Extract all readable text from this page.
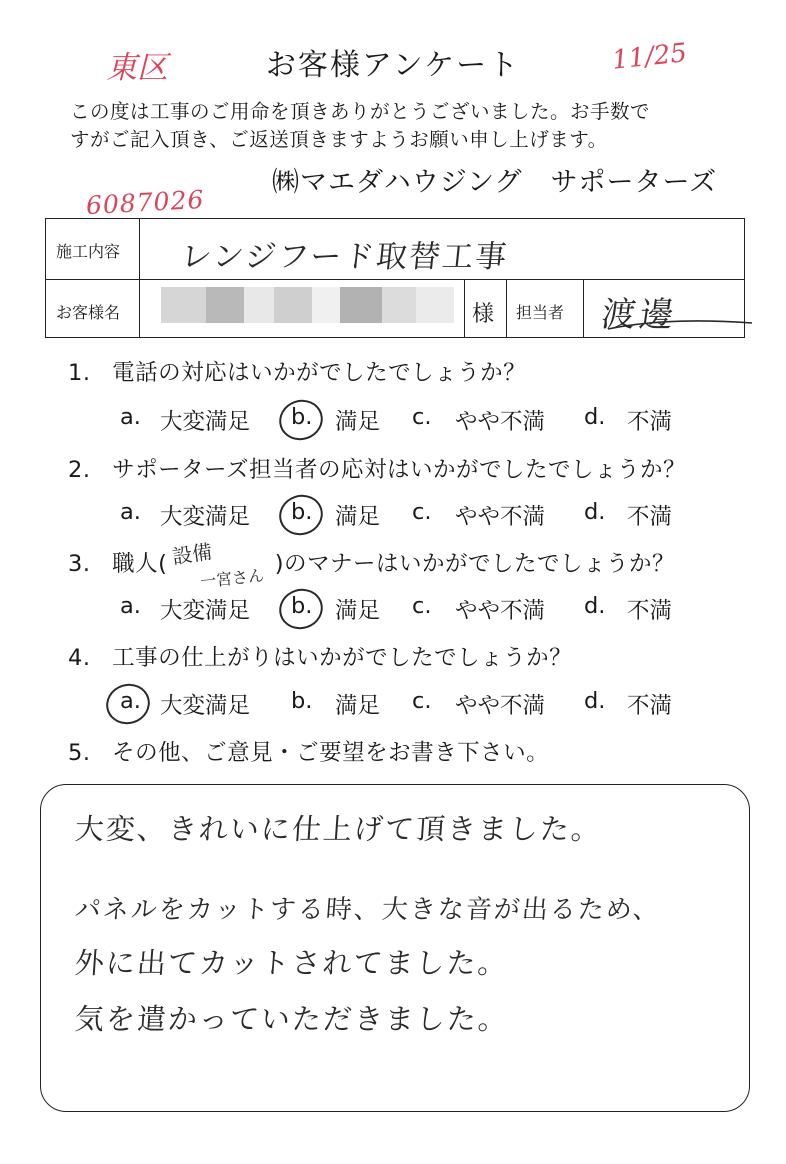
お客様アンケート
東区	11/25
この度は工事のご用命を頂きありがとうございました。お手数で
すがご記入頂き、ご返送頂きますようお願い申し上げます。
㈱マエダハウジング　サポーターズ
6087026
施工内容 レンジフード取替工事
お客様名	様 担当者 渡邊
1. 電話の対応はいかがでしたでしょうか？
a. 大変満足 b. 満足 c. やや不満 d. 不満
2. サポーターズ担当者の応対はいかがでしたでしょうか？
a. 大変満足 b. 満足 c. やや不満 d. 不満
3. 職人(	)のマナーはいかがでしたでしょうか？
設備
一宮さん
a. 大変満足 b. 満足 c. やや不満 d. 不満
4. 工事の仕上がりはいかがでしたでしょうか？
a. 大変満足 b. 満足 c. やや不満 d. 不満
5. その他、ご意見・ご要望をお書き下さい。
大変、きれいに仕上げて頂きました。
パネルをカットする時、大きな音が出るため、
外に出てカットされてました。
気を遣かっていただきました。
